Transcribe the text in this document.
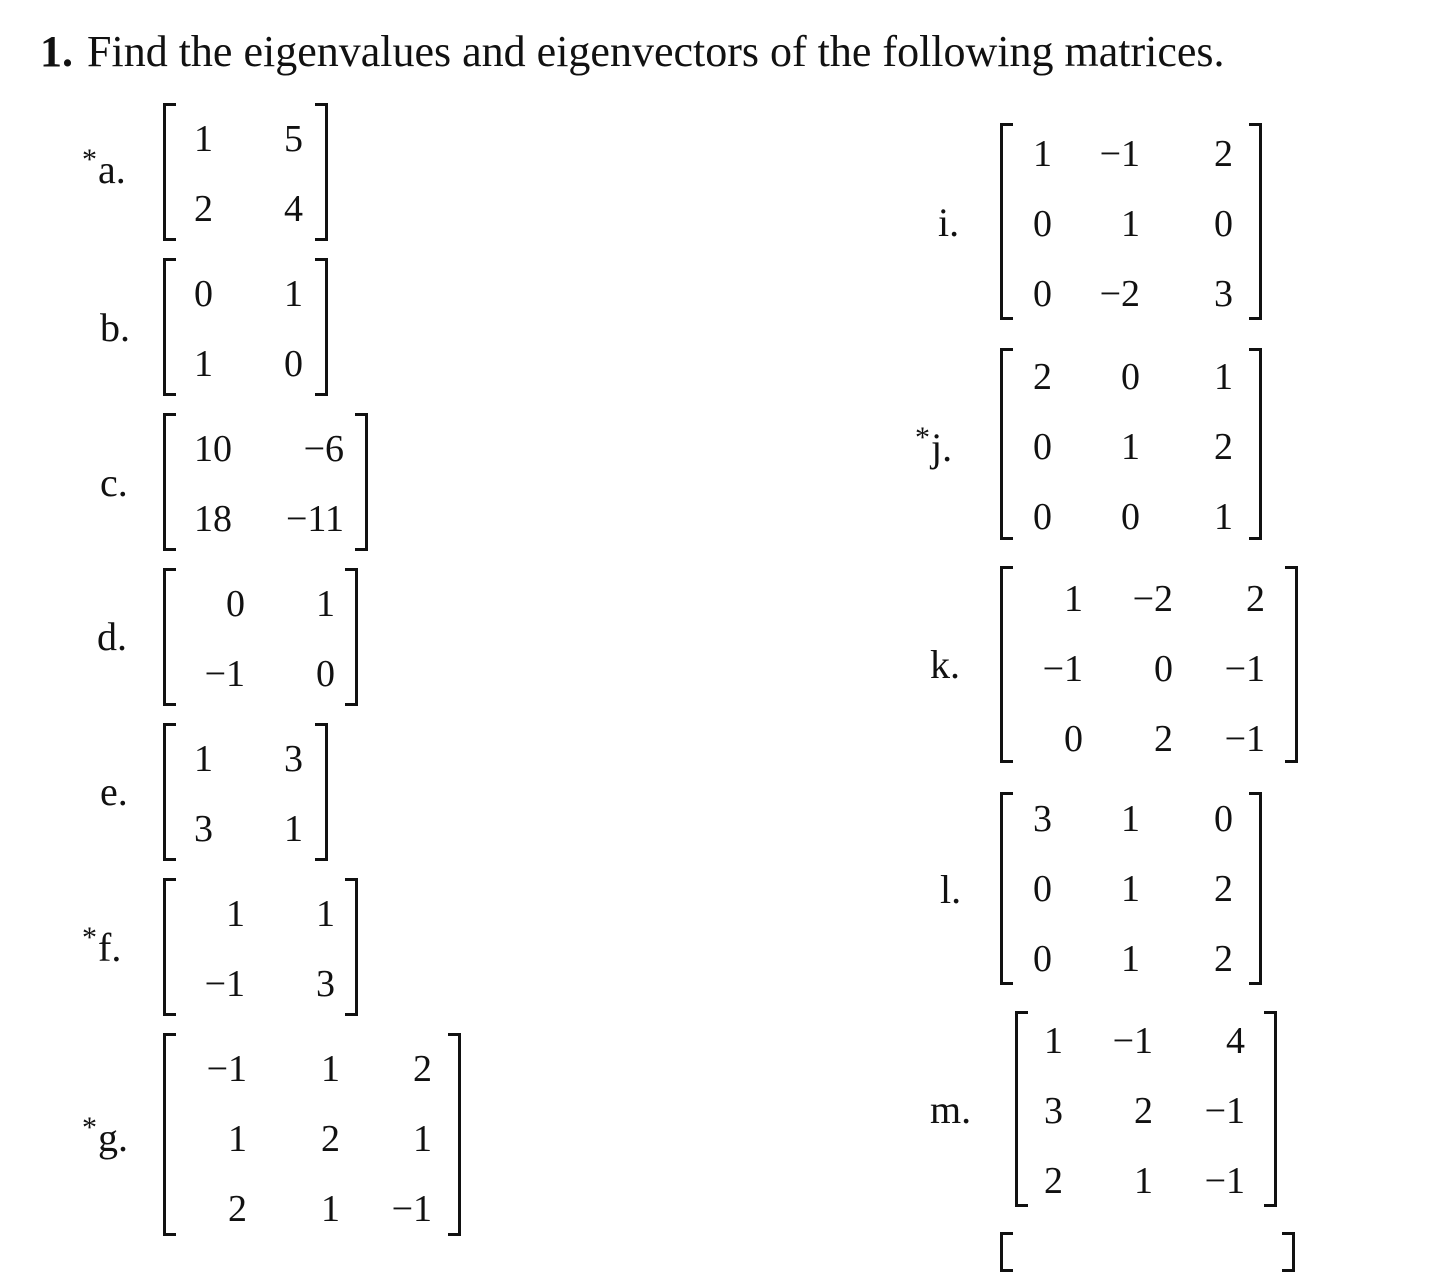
1. Find the eigenvalues and eigenvectors of the following matrices.
*a.
1 5
2 4
b.
0 1
1 0
c.
10 −6
18 −11
d.
0 1
−1 0
e.
1 3
3 1
*f.
1 1
−1 3
*g.
−1 1 2
1 2 1
2 1 −1
i.
1 −1 2
0 1 0
0 −2 3
*j.
2 0 1
0 1 2
0 0 1
k.
1 −2 2
−1 0 −1
0 2 −1
l.
3 1 0
0 1 2
0 1 2
m.
1 −1 4
3 2 −1
2 1 −1
